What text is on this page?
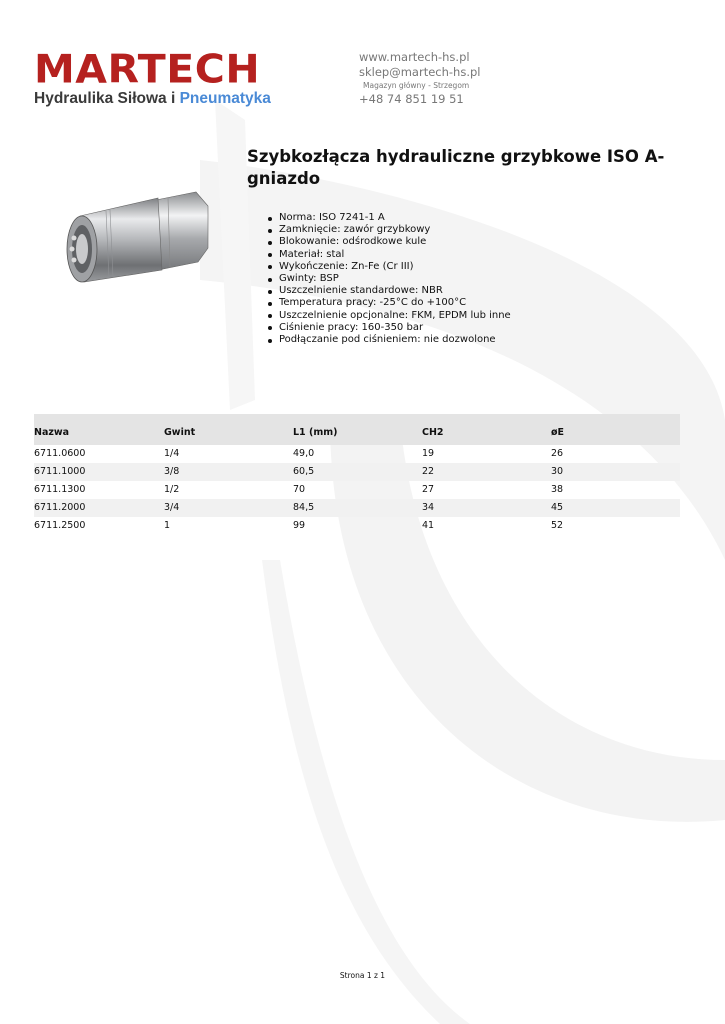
MARTECH
Hydraulika Siłowa i Pneumatyka
www.martech-hs.pl
sklep@martech-hs.pl
Magazyn główny - Strzegom
+48 74 851 19 51
Szybkozłącza hydrauliczne grzybkowe ISO A-gniazdo
Norma: ISO 7241-1 A
Zamknięcie: zawór grzybkowy
Blokowanie: odśrodkowe kule
Materiał: stal
Wykończenie: Zn-Fe (Cr III)
Gwinty: BSP
Uszczelnienie standardowe: NBR
Temperatura pracy: -25°C do +100°C
Uszczelnienie opcjonalne: FKM, EPDM lub inne
Ciśnienie pracy: 160-350 bar
Podłączanie pod ciśnieniem: nie dozwolone
Nazwa	Gwint	L1 (mm)	CH2	øE
6711.0600	1/4	49,0	19	26
6711.1000	3/8	60,5	22	30
6711.1300	1/2	70	27	38
6711.2000	3/4	84,5	34	45
6711.2500	1	99	41	52
Strona 1 z 1
